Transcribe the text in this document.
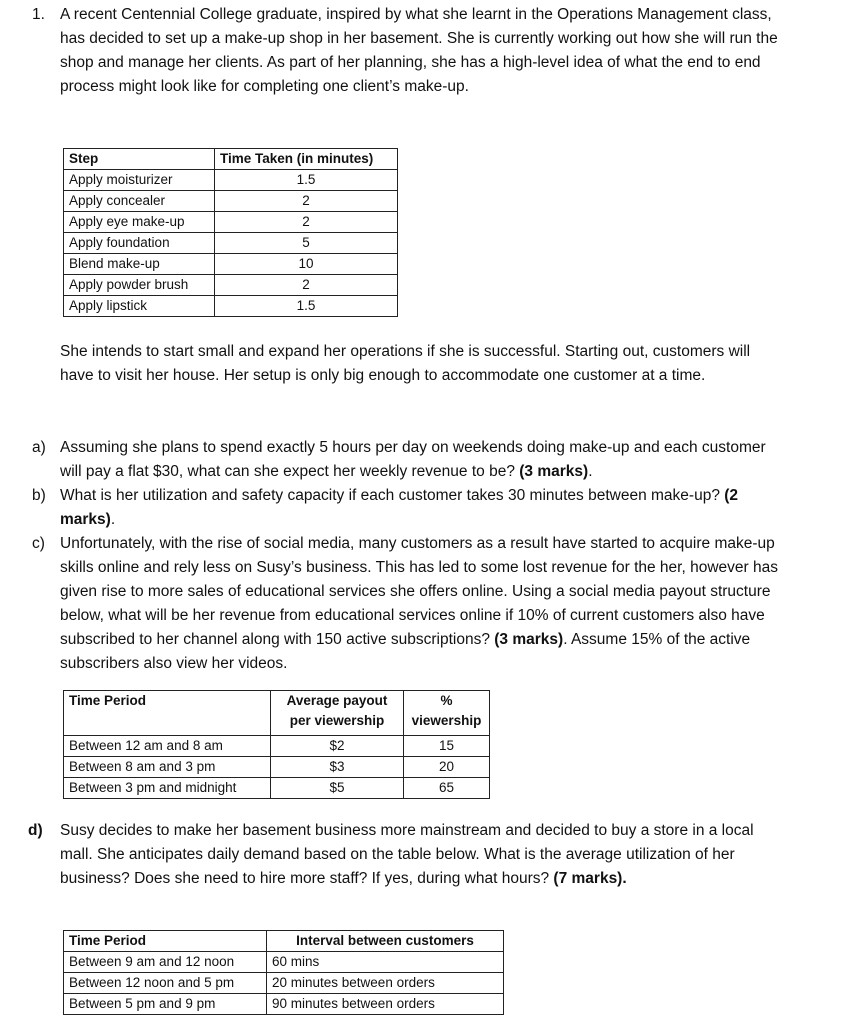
1. A recent Centennial College graduate, inspired by what she learnt in the Operations Management class, has decided to set up a make-up shop in her basement. She is currently working out how she will run the shop and manage her clients. As part of her planning, she has a high-level idea of what the end to end process might look like for completing one client’s make-up.
Step	Time Taken (in minutes)
Apply moisturizer	1.5
Apply concealer	2
Apply eye make-up	2
Apply foundation	5
Blend make-up	10
Apply powder brush	2
Apply lipstick	1.5
She intends to start small and expand her operations if she is successful. Starting out, customers will have to visit her house. Her setup is only big enough to accommodate one customer at a time.
a) Assuming she plans to spend exactly 5 hours per day on weekends doing make-up and each customer will pay a flat $30, what can she expect her weekly revenue to be? (3 marks).
b) What is her utilization and safety capacity if each customer takes 30 minutes between make-up? (2 marks).
c) Unfortunately, with the rise of social media, many customers as a result have started to acquire make-up skills online and rely less on Susy’s business. This has led to some lost revenue for the her, however has given rise to more sales of educational services she offers online. Using a social media payout structure below, what will be her revenue from educational services online if 10% of current customers also have subscribed to her channel along with 150 active subscriptions? (3 marks). Assume 15% of the active subscribers also view her videos.
Time Period	Average payout per viewership	% viewership
Between 12 am and 8 am	$2	15
Between 8 am and 3 pm	$3	20
Between 3 pm and midnight	$5	65
d) Susy decides to make her basement business more mainstream and decided to buy a store in a local mall. She anticipates daily demand based on the table below. What is the average utilization of her business? Does she need to hire more staff? If yes, during what hours? (7 marks).
Time Period	Interval between customers
Between 9 am and 12 noon	60 mins
Between 12 noon and 5 pm	20 minutes between orders
Between 5 pm and 9 pm	90 minutes between orders
